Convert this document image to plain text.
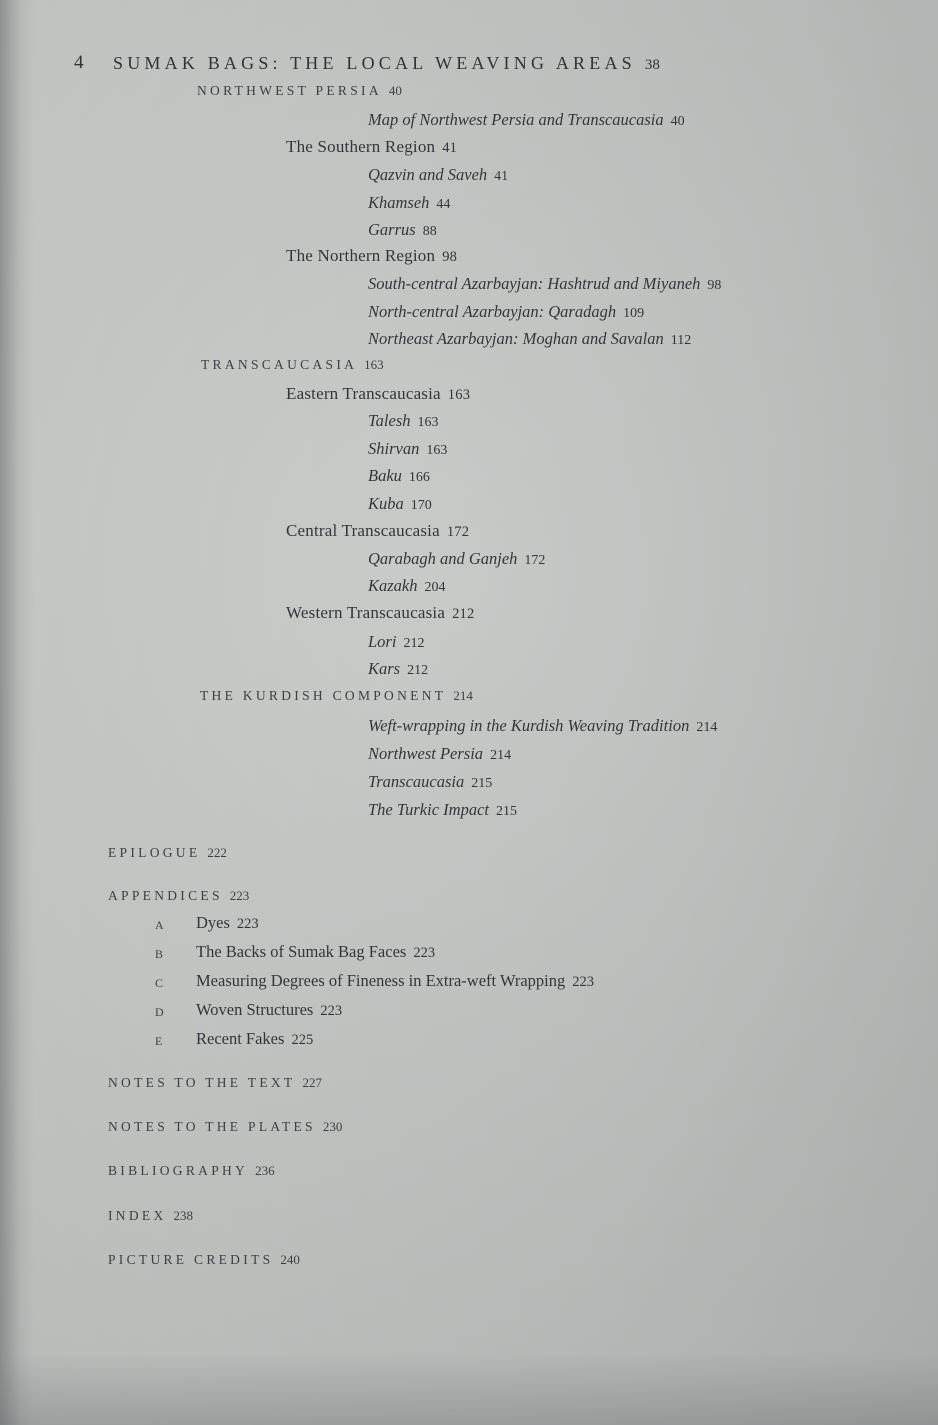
4 SUMAK BAGS: THE LOCAL WEAVING AREAS 38
NORTHWEST PERSIA 40
Map of Northwest Persia and Transcaucasia 40
The Southern Region 41
Qazvin and Saveh 41
Khamseh 44
Garrus 88
The Northern Region 98
South-central Azarbayjan: Hashtrud and Miyaneh 98
North-central Azarbayjan: Qaradagh 109
Northeast Azarbayjan: Moghan and Savalan 112
TRANSCAUCASIA 163
Eastern Transcaucasia 163
Talesh 163
Shirvan 163
Baku 166
Kuba 170
Central Transcaucasia 172
Qarabagh and Ganjeh 172
Kazakh 204
Western Transcaucasia 212
Lori 212
Kars 212
THE KURDISH COMPONENT 214
Weft-wrapping in the Kurdish Weaving Tradition 214
Northwest Persia 214
Transcaucasia 215
The Turkic Impact 215
EPILOGUE 222
APPENDICES 223
A Dyes 223
B The Backs of Sumak Bag Faces 223
C Measuring Degrees of Fineness in Extra-weft Wrapping 223
D Woven Structures 223
E Recent Fakes 225
NOTES TO THE TEXT 227
NOTES TO THE PLATES 230
BIBLIOGRAPHY 236
INDEX 238
PICTURE CREDITS 240
